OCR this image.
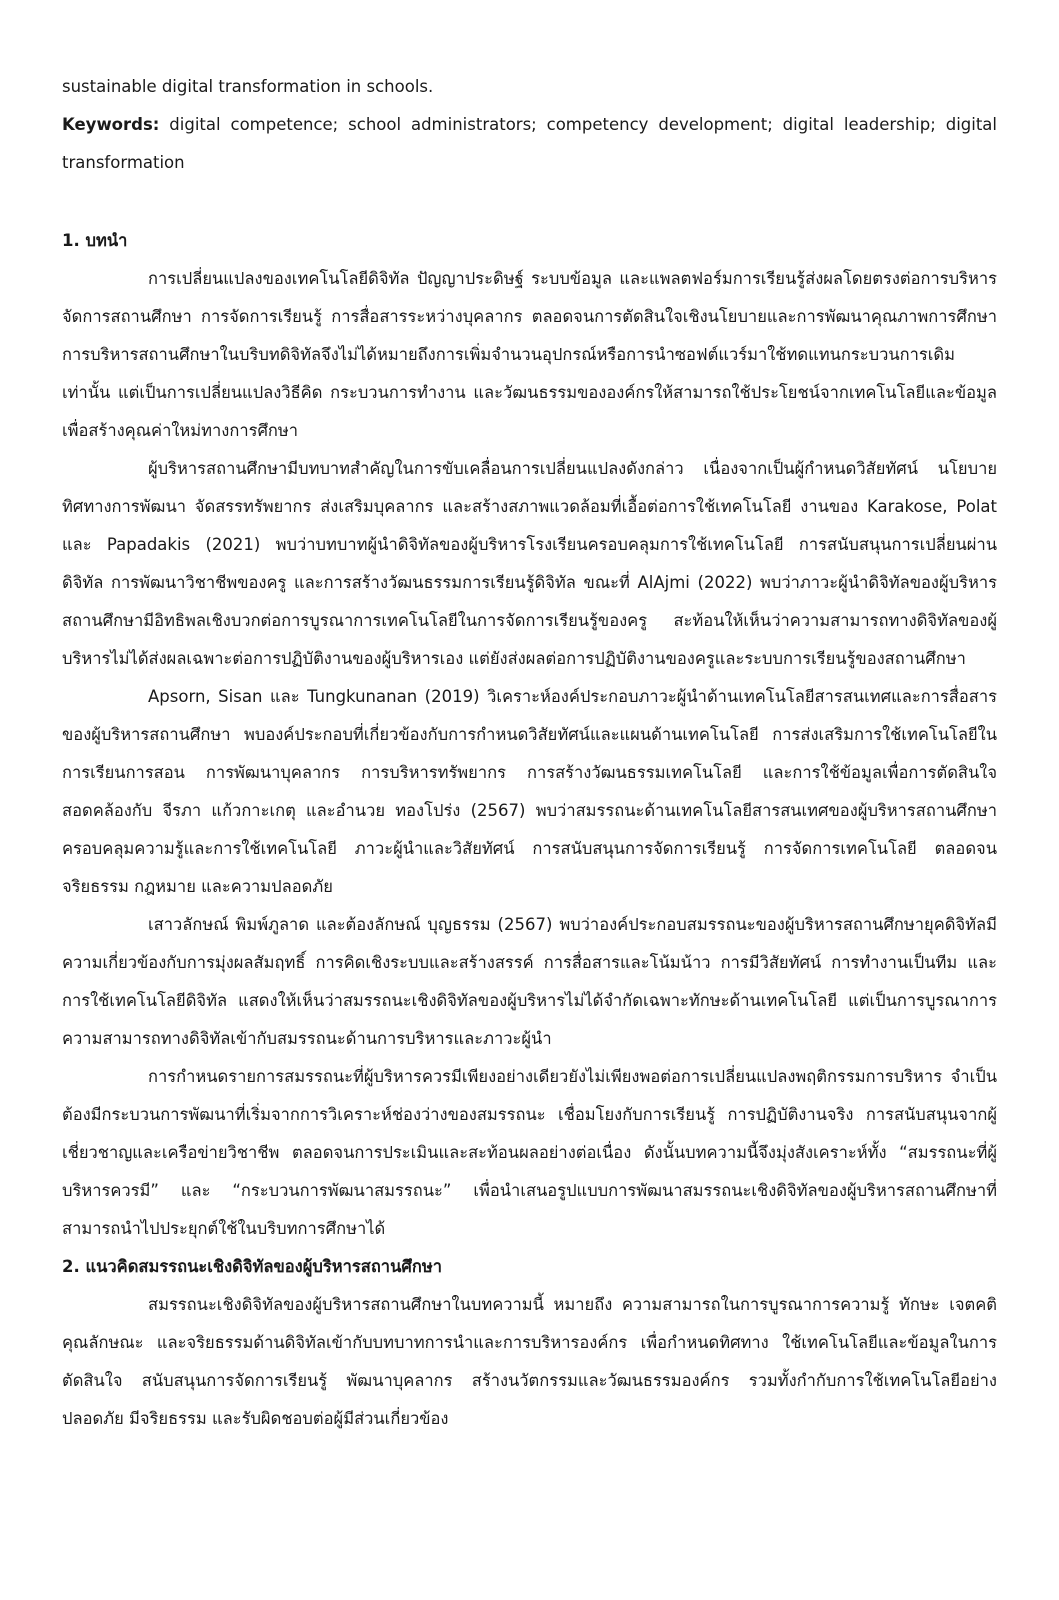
sustainable digital transformation in schools.

Keywords: digital competence; school administrators; competency development; digital leadership; digital transformation

1. บทนำ

การเปลี่ยนแปลงของเทคโนโลยีดิจิทัล ปัญญาประดิษฐ์ ระบบข้อมูล และแพลตฟอร์มการเรียนรู้ส่งผลโดยตรงต่อการบริหารจัดการสถานศึกษา การจัดการเรียนรู้ การสื่อสารระหว่างบุคลากร ตลอดจนการตัดสินใจเชิงนโยบายและการพัฒนาคุณภาพการศึกษา การบริหารสถานศึกษาในบริบทดิจิทัลจึงไม่ได้หมายถึงการเพิ่มจำนวนอุปกรณ์หรือการนำซอฟต์แวร์มาใช้ทดแทนกระบวนการเดิมเท่านั้น แต่เป็นการเปลี่ยนแปลงวิธีคิด กระบวนการทำงาน และวัฒนธรรมขององค์กรให้สามารถใช้ประโยชน์จากเทคโนโลยีและข้อมูลเพื่อสร้างคุณค่าใหม่ทางการศึกษา

ผู้บริหารสถานศึกษามีบทบาทสำคัญในการขับเคลื่อนการเปลี่ยนแปลงดังกล่าว เนื่องจากเป็นผู้กำหนดวิสัยทัศน์ นโยบาย ทิศทางการพัฒนา จัดสรรทรัพยากร ส่งเสริมบุคลากร และสร้างสภาพแวดล้อมที่เอื้อต่อการใช้เทคโนโลยี งานของ Karakose, Polat และ Papadakis (2021) พบว่าบทบาทผู้นำดิจิทัลของผู้บริหารโรงเรียนครอบคลุมการใช้เทคโนโลยี การสนับสนุนการเปลี่ยนผ่านดิจิทัล การพัฒนาวิชาชีพของครู และการสร้างวัฒนธรรมการเรียนรู้ดิจิทัล ขณะที่ AlAjmi (2022) พบว่าภาวะผู้นำดิจิทัลของผู้บริหารสถานศึกษามีอิทธิพลเชิงบวกต่อการบูรณาการเทคโนโลยีในการจัดการเรียนรู้ของครู สะท้อนให้เห็นว่าความสามารถทางดิจิทัลของผู้บริหารไม่ได้ส่งผลเฉพาะต่อการปฏิบัติงานของผู้บริหารเอง แต่ยังส่งผลต่อการปฏิบัติงานของครูและระบบการเรียนรู้ของสถานศึกษา

Apsorn, Sisan และ Tungkunanan (2019) วิเคราะห์องค์ประกอบภาวะผู้นำด้านเทคโนโลยีสารสนเทศและการสื่อสารของผู้บริหารสถานศึกษา พบองค์ประกอบที่เกี่ยวข้องกับการกำหนดวิสัยทัศน์และแผนด้านเทคโนโลยี การส่งเสริมการใช้เทคโนโลยีในการเรียนการสอน การพัฒนาบุคลากร การบริหารทรัพยากร การสร้างวัฒนธรรมเทคโนโลยี และการใช้ข้อมูลเพื่อการตัดสินใจ สอดคล้องกับ จีรภา แก้วกาะเกตุ และอำนวย ทองโปร่ง (2567) พบว่าสมรรถนะด้านเทคโนโลยีสารสนเทศของผู้บริหารสถานศึกษาครอบคลุมความรู้และการใช้เทคโนโลยี ภาวะผู้นำและวิสัยทัศน์ การสนับสนุนการจัดการเรียนรู้ การจัดการเทคโนโลยี ตลอดจนจริยธรรม กฎหมาย และความปลอดภัย

เสาวลักษณ์ พิมพ์ภูลาด และต้องลักษณ์ บุญธรรม (2567) พบว่าองค์ประกอบสมรรถนะของผู้บริหารสถานศึกษายุคดิจิทัลมีความเกี่ยวข้องกับการมุ่งผลสัมฤทธิ์ การคิดเชิงระบบและสร้างสรรค์ การสื่อสารและโน้มน้าว การมีวิสัยทัศน์ การทำงานเป็นทีม และการใช้เทคโนโลยีดิจิทัล แสดงให้เห็นว่าสมรรถนะเชิงดิจิทัลของผู้บริหารไม่ได้จำกัดเฉพาะทักษะด้านเทคโนโลยี แต่เป็นการบูรณาการความสามารถทางดิจิทัลเข้ากับสมรรถนะด้านการบริหารและภาวะผู้นำ

การกำหนดรายการสมรรถนะที่ผู้บริหารควรมีเพียงอย่างเดียวยังไม่เพียงพอต่อการเปลี่ยนแปลงพฤติกรรมการบริหาร จำเป็นต้องมีกระบวนการพัฒนาที่เริ่มจากการวิเคราะห์ช่องว่างของสมรรถนะ เชื่อมโยงกับการเรียนรู้ การปฏิบัติงานจริง การสนับสนุนจากผู้เชี่ยวชาญและเครือข่ายวิชาชีพ ตลอดจนการประเมินและสะท้อนผลอย่างต่อเนื่อง ดังนั้นบทความนี้จึงมุ่งสังเคราะห์ทั้ง “สมรรถนะที่ผู้บริหารควรมี” และ “กระบวนการพัฒนาสมรรถนะ” เพื่อนำเสนอรูปแบบการพัฒนาสมรรถนะเชิงดิจิทัลของผู้บริหารสถานศึกษาที่สามารถนำไปประยุกต์ใช้ในบริบทการศึกษาได้

2. แนวคิดสมรรถนะเชิงดิจิทัลของผู้บริหารสถานศึกษา

สมรรถนะเชิงดิจิทัลของผู้บริหารสถานศึกษาในบทความนี้ หมายถึง ความสามารถในการบูรณาการความรู้ ทักษะ เจตคติ คุณลักษณะ และจริยธรรมด้านดิจิทัลเข้ากับบทบาทการนำและการบริหารองค์กร เพื่อกำหนดทิศทาง ใช้เทคโนโลยีและข้อมูลในการตัดสินใจ สนับสนุนการจัดการเรียนรู้ พัฒนาบุคลากร สร้างนวัตกรรมและวัฒนธรรมองค์กร รวมทั้งกำกับการใช้เทคโนโลยีอย่างปลอดภัย มีจริยธรรม และรับผิดชอบต่อผู้มีส่วนเกี่ยวข้อง
